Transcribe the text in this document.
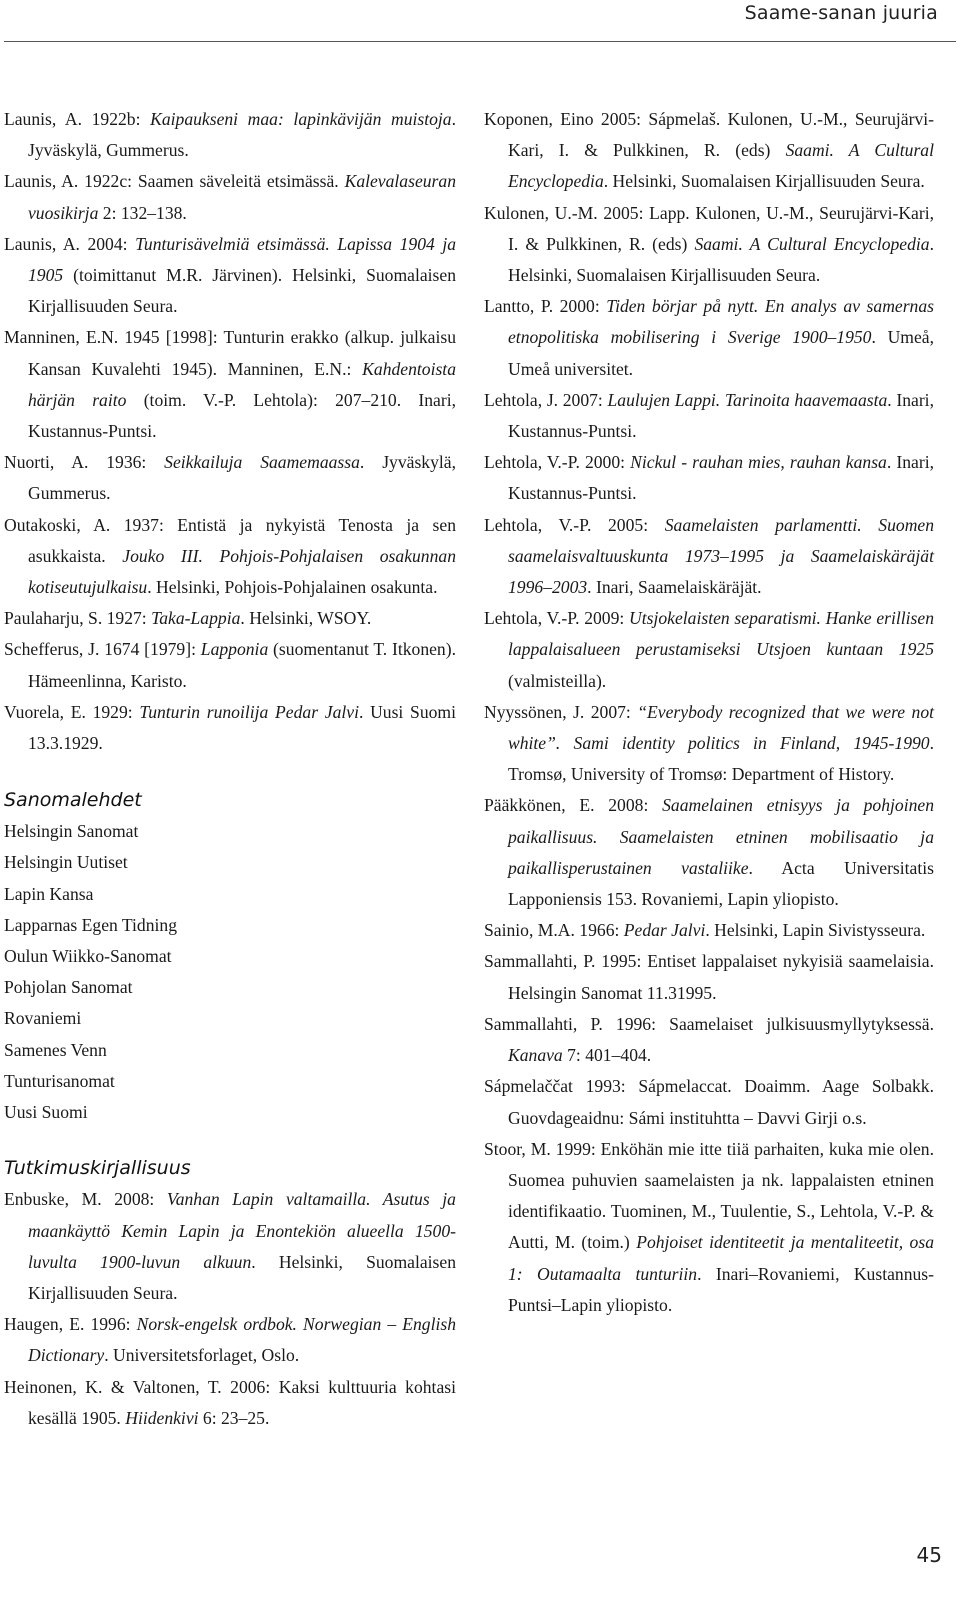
Saame-sanan juuria

Launis, A. 1922b: Kaipaukseni maa: lapinkävijän muistoja. Jyväskylä, Gummerus.

Launis, A. 1922c: Saamen säveleitä etsimässä. Kalevalaseuran vuosikirja 2: 132–138.

Launis, A. 2004: Tunturisävelmiä etsimässä. Lapissa 1904 ja 1905 (toimittanut M.R. Järvinen). Helsinki, Suomalaisen Kirjallisuuden Seura.

Manninen, E.N. 1945 [1998]: Tunturin erakko (alkup. julkaisu Kansan Kuvalehti 1945). Manninen, E.N.: Kahdentoista härjän raito (toim. V.-P. Lehtola): 207–210. Inari, Kustannus-Puntsi.

Nuorti, A. 1936: Seikkailuja Saamemaassa. Jyväskylä, Gummerus.

Outakoski, A. 1937: Entistä ja nykyistä Tenosta ja sen asukkaista. Jouko III. Pohjois-Pohjalaisen osakunnan kotiseutujulkaisu. Helsinki, Pohjois-Pohjalainen osakunta.

Paulaharju, S. 1927: Taka-Lappia. Helsinki, WSOY.

Schefferus, J. 1674 [1979]: Lapponia (suomentanut T. Itkonen). Hämeenlinna, Karisto.

Vuorela, E. 1929: Tunturin runoilija Pedar Jalvi. Uusi Suomi 13.3.1929.

Sanomalehdet

Helsingin Sanomat

Helsingin Uutiset

Lapin Kansa

Lapparnas Egen Tidning

Oulun Wiikko-Sanomat

Pohjolan Sanomat

Rovaniemi

Samenes Venn

Tunturisanomat

Uusi Suomi

Tutkimuskirjallisuus

Enbuske, M. 2008: Vanhan Lapin valtamailla. Asutus ja maankäyttö Kemin Lapin ja Enontekiön alueella 1500-luvulta 1900-luvun alkuun. Helsinki, Suomalaisen Kirjallisuuden Seura.

Haugen, E. 1996: Norsk-engelsk ordbok. Norwegian – English Dictionary. Universitetsforlaget, Oslo.

Heinonen, K. & Valtonen, T. 2006: Kaksi kulttuuria kohtasi kesällä 1905. Hiidenkivi 6: 23–25.

Koponen, Eino 2005: Sápmelaš. Kulonen, U.-M., Seurujärvi-Kari, I. & Pulkkinen, R. (eds) Saami. A Cultural Encyclopedia. Helsinki, Suomalaisen Kirjallisuuden Seura.

Kulonen, U.-M. 2005: Lapp. Kulonen, U.-M., Seurujärvi-Kari, I. & Pulkkinen, R. (eds) Saami. A Cultural Encyclopedia. Helsinki, Suomalaisen Kirjallisuuden Seura.

Lantto, P. 2000: Tiden börjar på nytt. En analys av samernas etnopolitiska mobilisering i Sverige 1900–1950. Umeå, Umeå universitet.

Lehtola, J. 2007: Laulujen Lappi. Tarinoita haavemaasta. Inari, Kustannus-Puntsi.

Lehtola, V.-P. 2000: Nickul - rauhan mies, rauhan kansa. Inari, Kustannus-Puntsi.

Lehtola, V.-P. 2005: Saamelaisten parlamentti. Suomen saamelaisvaltuuskunta 1973–1995 ja Saamelaiskäräjät 1996–2003. Inari, Saamelaiskäräjät.

Lehtola, V.-P. 2009: Utsjokelaisten separatismi. Hanke erillisen lappalaisalueen perustamiseksi Utsjoen kuntaan 1925 (valmisteilla).

Nyyssönen, J. 2007: “Everybody recognized that we were not white”. Sami identity politics in Finland, 1945-1990. Tromsø, University of Tromsø: Department of History.

Pääkkönen, E. 2008: Saamelainen etnisyys ja pohjoinen paikallisuus. Saamelaisten etninen mobilisaatio ja paikallisperustainen vastaliike. Acta Universitatis Lapponiensis 153. Rovaniemi, Lapin yliopisto.

Sainio, M.A. 1966: Pedar Jalvi. Helsinki, Lapin Sivistysseura.

Sammallahti, P. 1995: Entiset lappalaiset nykyisiä saamelaisia. Helsingin Sanomat 11.31995.

Sammallahti, P. 1996: Saamelaiset julkisuusmyllytyksessä. Kanava 7: 401–404.

Sápmelaččat 1993: Sápmelaccat. Doaimm. Aage Solbakk. Guovdageaidnu: Sámi instituhtta – Davvi Girji o.s.

Stoor, M. 1999: Enköhän mie itte tiiä parhaiten, kuka mie olen. Suomea puhuvien saamelaisten ja nk. lappalaisten etninen identifikaatio. Tuominen, M., Tuulentie, S., Lehtola, V.-P. & Autti, M. (toim.) Pohjoiset identiteetit ja mentaliteetit, osa 1: Outamaalta tunturiin. Inari–Rovaniemi, Kustannus-Puntsi–Lapin yliopisto.

45
